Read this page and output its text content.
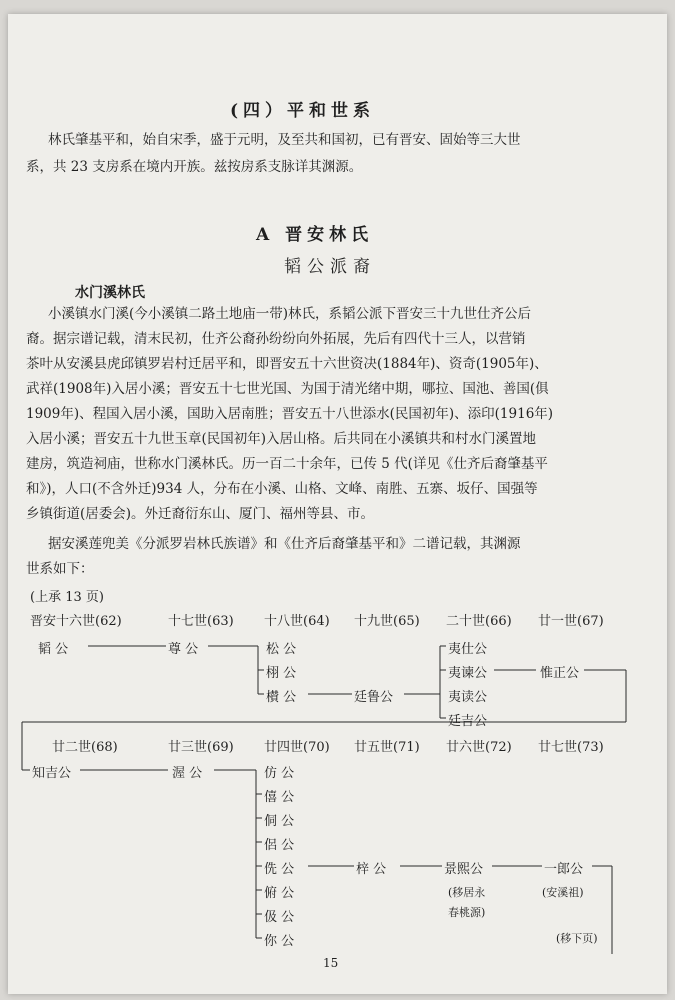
(四）平和世系
林氏肇基平和，始自宋季，盛于元明，及至共和国初，已有晋安、固始等三大世
系，共 23 支房系在境内开族。兹按房系支脉详其渊源。
A 晋安林氏
韬公派裔
水门溪林氏
小溪镇水门溪(今小溪镇二路土地庙一带)林氏，系韬公派下晋安三十九世仕齐公后
裔。据宗谱记载，清末民初，仕齐公裔孙纷纷向外拓展，先后有四代十三人，以营销
茶叶从安溪县虎邱镇罗岩村迁居平和，即晋安五十六世资决(1884年)、资奇(1905年)、
武祥(1908年)入居小溪；晋安五十七世光国、为国于清光绪中期，哪拉、国池、善国(俱
1909年)、程国入居小溪，国助入居南胜；晋安五十八世添水(民国初年)、添印(1916年)
入居小溪；晋安五十九世玉章(民国初年)入居山格。后共同在小溪镇共和村水门溪置地
建房，筑造祠庙，世称水门溪林氏。历一百二十余年，已传 5 代(详见《仕齐后裔肇基平
和》)，人口(不含外迁)934 人，分布在小溪、山格、文峰、南胜、五寨、坂仔、国强等
乡镇街道(居委会)。外迁裔衍东山、厦门、福州等县、市。
据安溪莲兜美《分派罗岩林氏族谱》和《仕齐后裔肇基平和》二谱记载，其渊源
世系如下：
(上承 13 页)
晋安十六世(62)	十七世(63) 十八世(64) 十九世(65) 二十世(66) 廿一世(67)
韬 公	尊 公	松 公
栩 公
櫕 公	廷鲁公
夷仕公
夷谏公
夷读公
廷吉公
惟正公
廿二世(68)	廿三世(69) 廿四世(70) 廿五世(71) 廿六世(72) 廿七世(73)
知吉公	渥 公	仿 公
僖 公
侗 公
侶 公
侁 公
俯 公
伋 公
你 公
梓 公	景熙公
(移居永
春桃源)
一郎公
(安溪祖)
(移下页)
15
